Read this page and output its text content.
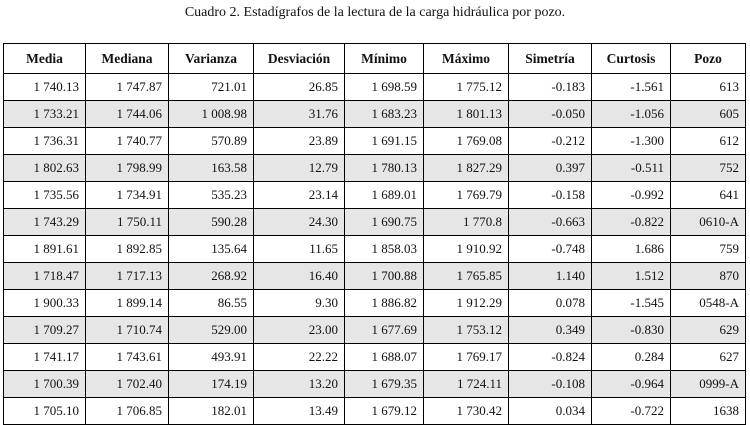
Cuadro 2. Estadígrafos de la lectura de la carga hidráulica por pozo.
Media	Mediana	Varianza	Desviación	Mínimo	Máximo	Simetría	Curtosis	Pozo
1 740.13	1 747.87	721.01	26.85	1 698.59	1 775.12	-0.183	-1.561	613
1 733.21	1 744.06	1 008.98	31.76	1 683.23	1 801.13	-0.050	-1.056	605
1 736.31	1 740.77	570.89	23.89	1 691.15	1 769.08	-0.212	-1.300	612
1 802.63	1 798.99	163.58	12.79	1 780.13	1 827.29	0.397	-0.511	752
1 735.56	1 734.91	535.23	23.14	1 689.01	1 769.79	-0.158	-0.992	641
1 743.29	1 750.11	590.28	24.30	1 690.75	1 770.8	-0.663	-0.822	0610-A
1 891.61	1 892.85	135.64	11.65	1 858.03	1 910.92	-0.748	1.686	759
1 718.47	1 717.13	268.92	16.40	1 700.88	1 765.85	1.140	1.512	870
1 900.33	1 899.14	86.55	9.30	1 886.82	1 912.29	0.078	-1.545	0548-A
1 709.27	1 710.74	529.00	23.00	1 677.69	1 753.12	0.349	-0.830	629
1 741.17	1 743.61	493.91	22.22	1 688.07	1 769.17	-0.824	0.284	627
1 700.39	1 702.40	174.19	13.20	1 679.35	1 724.11	-0.108	-0.964	0999-A
1 705.10	1 706.85	182.01	13.49	1 679.12	1 730.42	0.034	-0.722	1638
